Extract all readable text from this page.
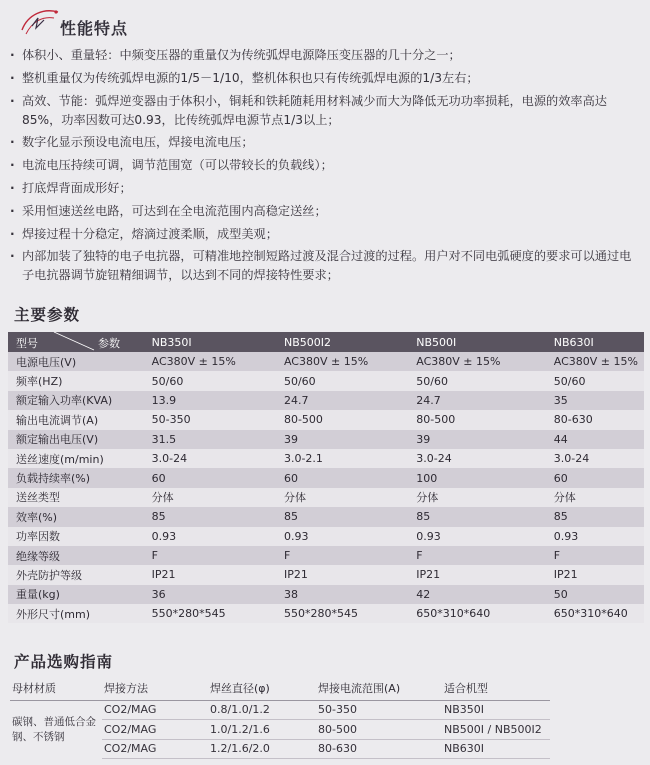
性能特点
· 体积小、重量轻：中频变压器的重量仅为传统弧焊电源降压变压器的几十分之一；
· 整机重量仅为传统弧焊电源的1/5－1/10，整机体积也只有传统弧焊电源的1/3左右；
· 高效、节能：弧焊逆变器由于体积小，铜耗和铁耗随耗用材料减少而大为降低无功功率损耗，电源的效率高达85%，功率因数可达0.93，比传统弧焊电源节点1/3以上；
· 数字化显示预设电流电压，焊接电流电压；
· 电流电压持续可调，调节范围宽（可以带较长的负载线）；
· 打底焊背面成形好；
· 采用恒速送丝电路，可达到在全电流范围内高稳定送丝；
· 焊接过程十分稳定，熔滴过渡柔顺，成型美观；
· 内部加装了独特的电子电抗器，可精准地控制短路过渡及混合过渡的过程。用户对不同电弧硬度的要求可以通过电子电抗器调节旋钮精细调节，以达到不同的焊接特性要求；
主要参数
型号 参数	NB350I	NB500I2	NB500I	NB630I
电源电压(V)	AC380V ± 15%	AC380V ± 15%	AC380V ± 15%	AC380V ± 15%
频率(HZ)	50/60	50/60	50/60	50/60
额定输入功率(KVA)	13.9	24.7	24.7	35
输出电流调节(A)	50-350	80-500	80-500	80-630
额定输出电压(V)	31.5	39	39	44
送丝速度(m/min)	3.0-24	3.0-2.1	3.0-24	3.0-24
负载持续率(%)	60	60	100	60
送丝类型	分体	分体	分体	分体
效率(%)	85	85	85	85
功率因数	0.93	0.93	0.93	0.93
绝缘等级	F	F	F	F
外壳防护等级	IP21	IP21	IP21	IP21
重量(kg)	36	38	42	50
外形尺寸(mm)	550*280*545	550*280*545	650*310*640	650*310*640
产品选购指南
母材材质	焊接方法	焊丝直径(φ)	焊接电流范围(A)	适合机型
碳钢、普通低合金钢、不锈钢	CO2/MAG	0.8/1.0/1.2	50-350	NB350I
	CO2/MAG	1.0/1.2/1.6	80-500	NB500I / NB500I2
	CO2/MAG	1.2/1.6/2.0	80-630	NB630I
